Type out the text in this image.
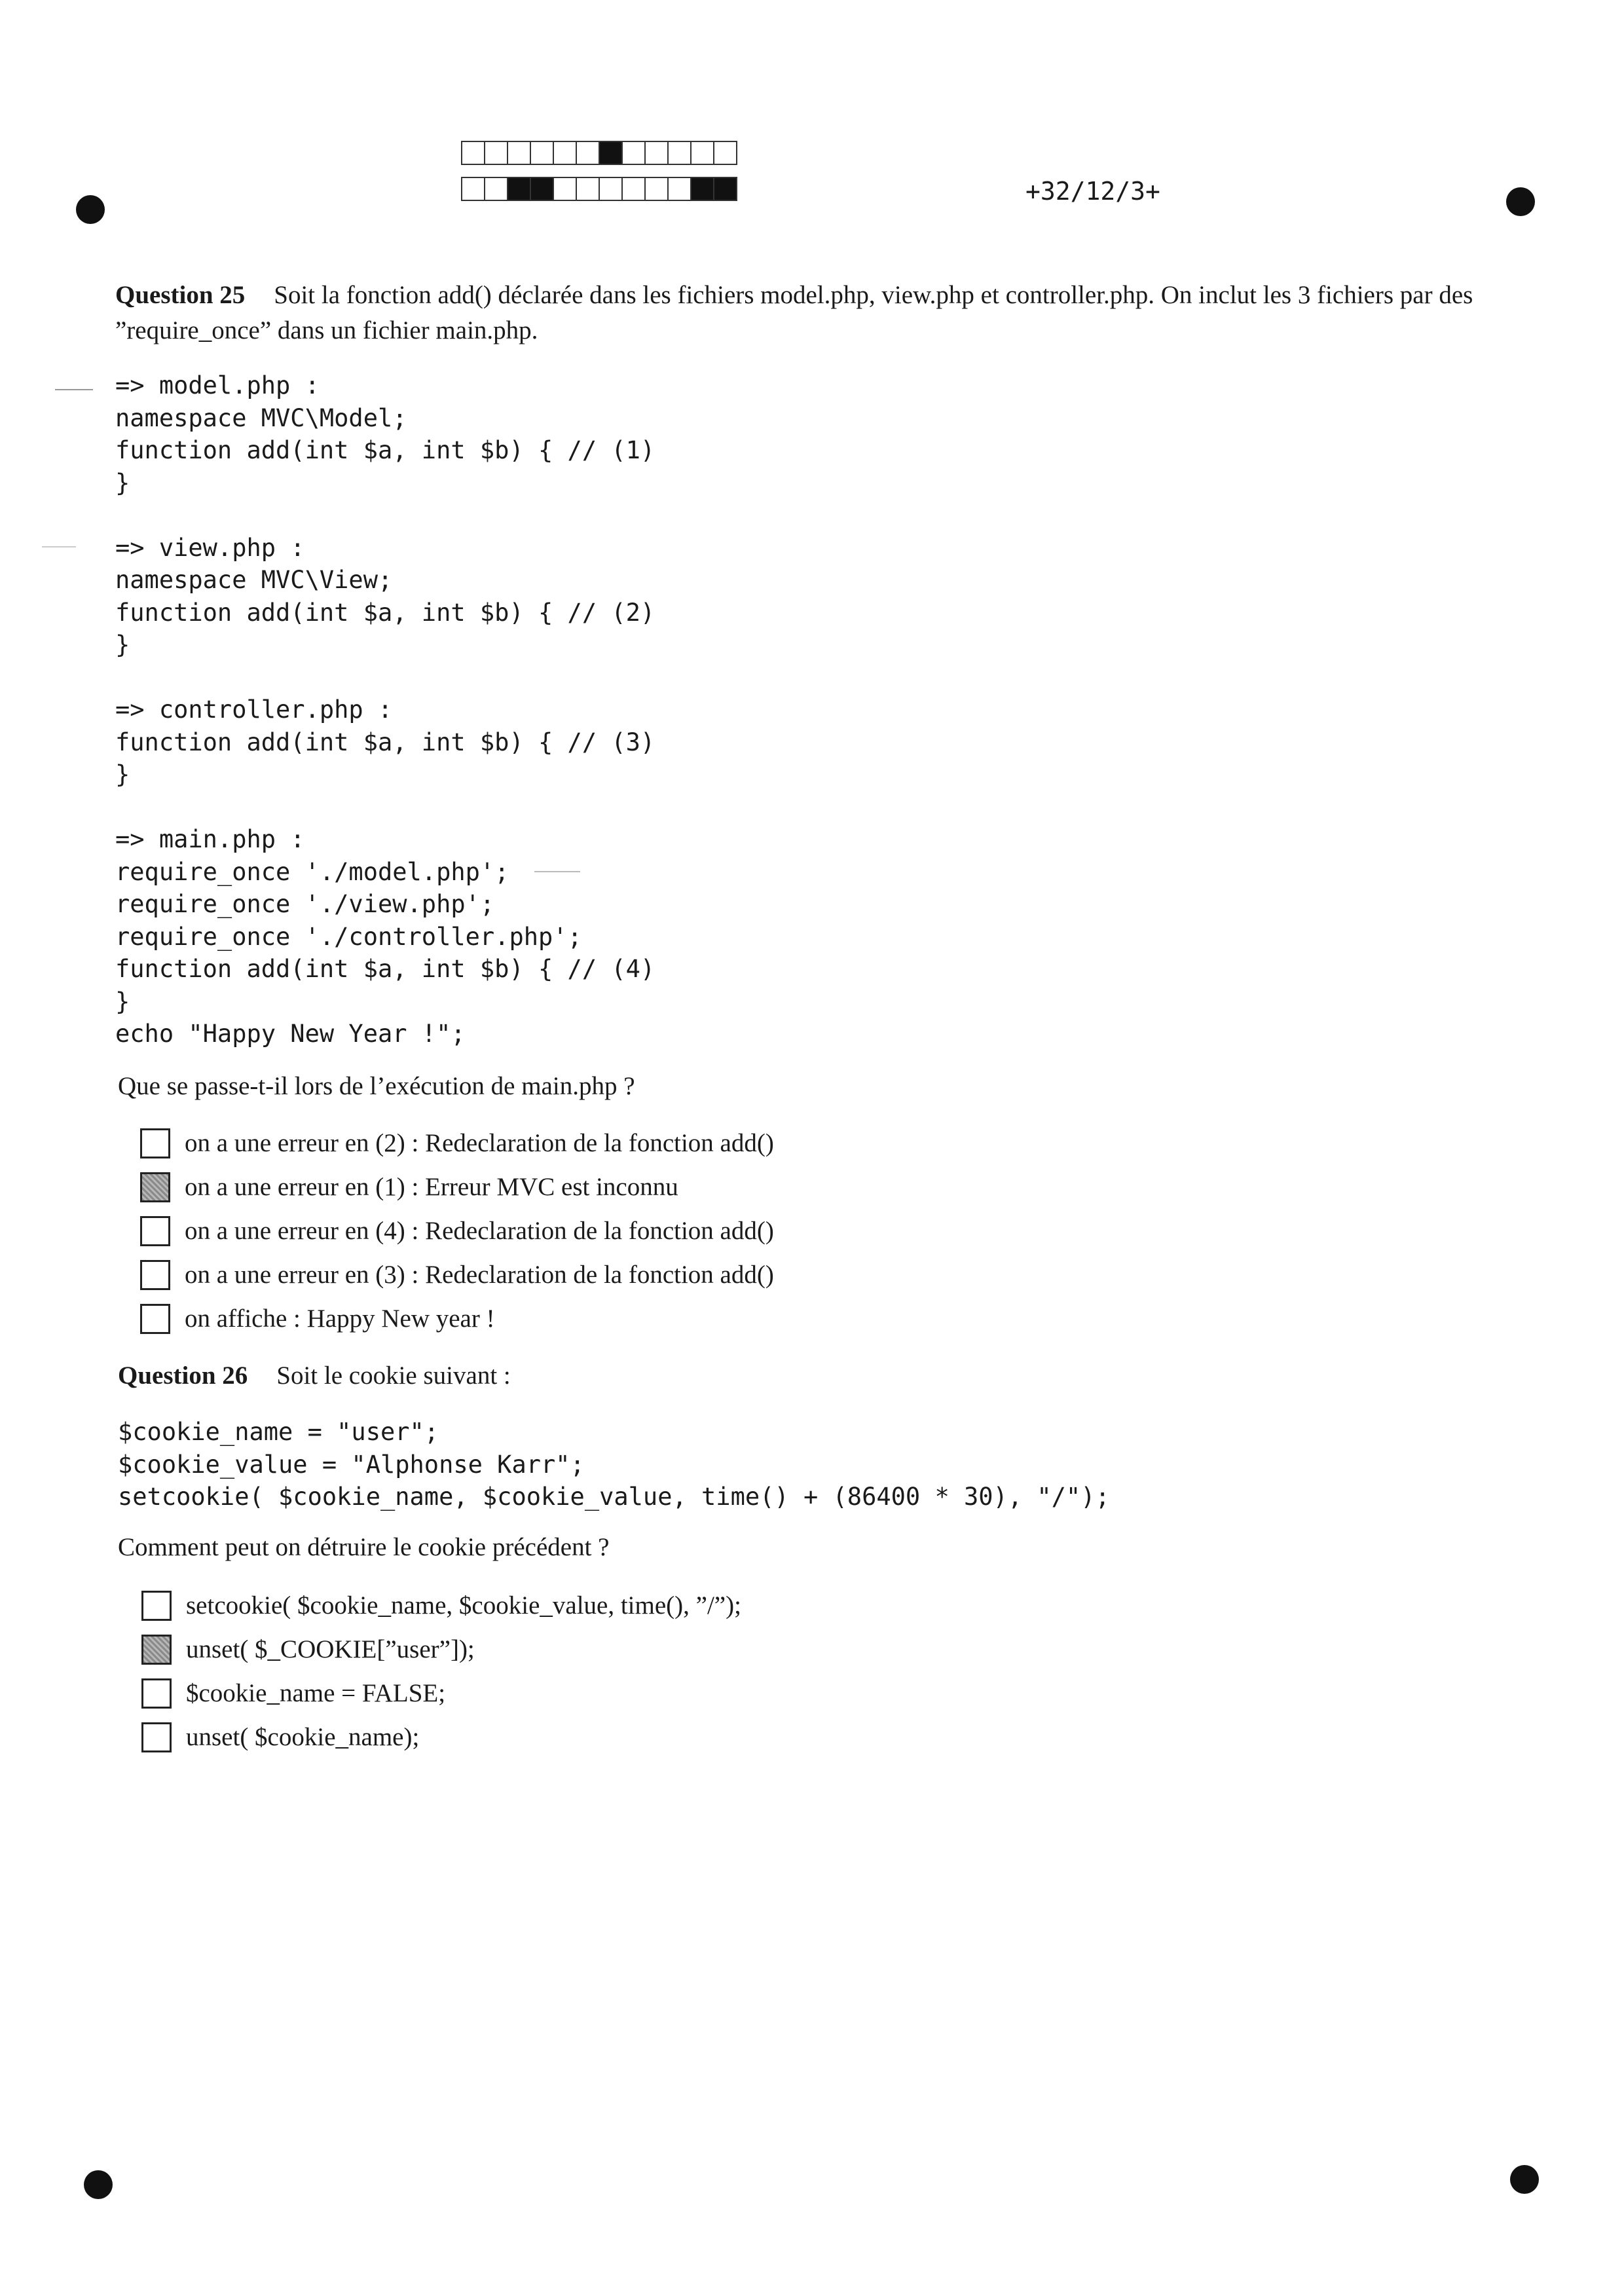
+32/12/3+
Question 25 Soit la fonction add() déclarée dans les fichiers model.php, view.php et controller.php. On inclut les 3 fichiers par des ”require_once” dans un fichier main.php.
=> model.php :
namespace MVC\Model;
function add(int $a, int $b) { // (1)
}

=> view.php :
namespace MVC\View;
function add(int $a, int $b) { // (2)
}

=> controller.php :
function add(int $a, int $b) { // (3)
}

=> main.php :
require_once './model.php';
require_once './view.php';
require_once './controller.php';
function add(int $a, int $b) { // (4)
}
echo "Happy New Year !";
Que se passe-t-il lors de l’exécution de main.php ?
on a une erreur en (2) : Redeclaration de la fonction add()
on a une erreur en (1) : Erreur MVC est inconnu
on a une erreur en (4) : Redeclaration de la fonction add()
on a une erreur en (3) : Redeclaration de la fonction add()
on affiche : Happy New year !
Question 26 Soit le cookie suivant :
$cookie_name = "user";
$cookie_value = "Alphonse Karr";
setcookie( $cookie_name, $cookie_value, time() + (86400 * 30), "/");
Comment peut on détruire le cookie précédent ?
setcookie( $cookie_name, $cookie_value, time(), ”/”);
unset( $_COOKIE[”user”]);
$cookie_name = FALSE;
unset( $cookie_name);
